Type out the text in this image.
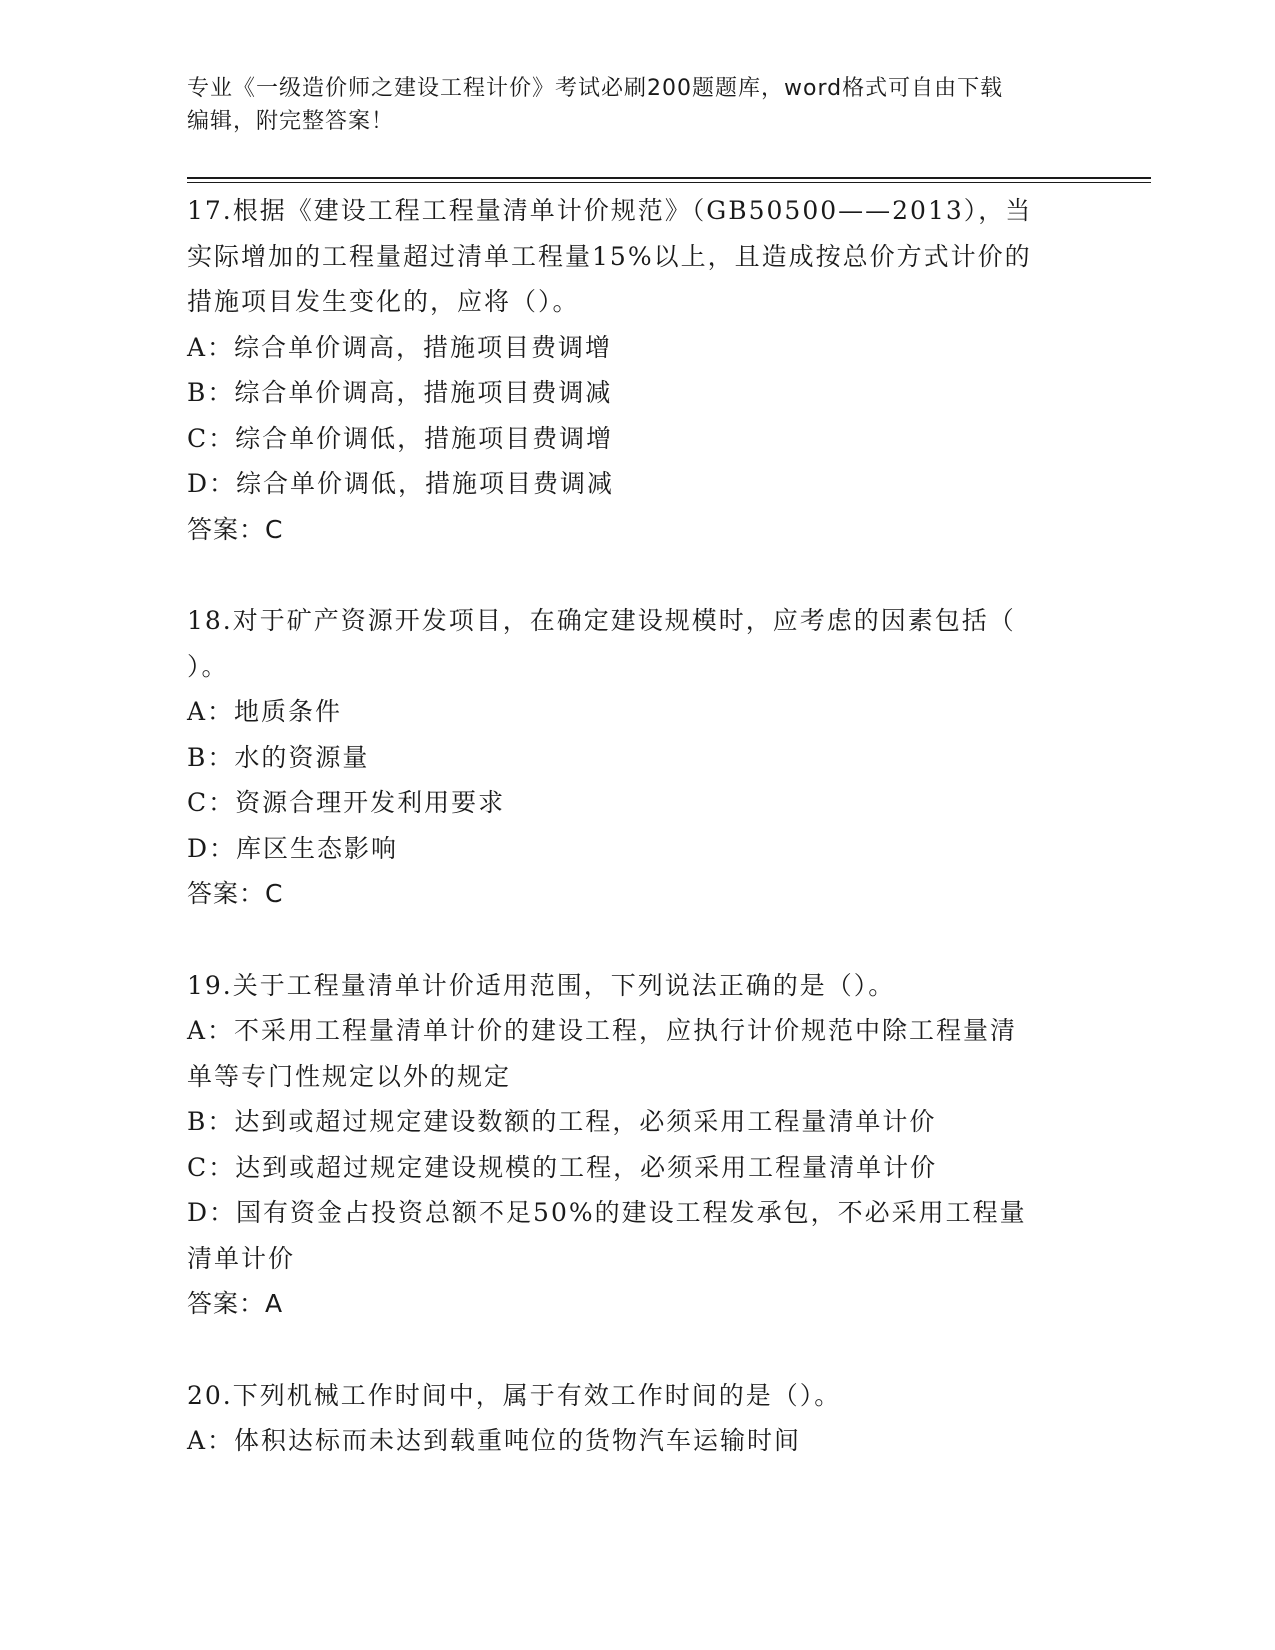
专业《一级造价师之建设工程计价》考试必刷200题题库，word格式可自由下载
编辑，附完整答案！
17.根据《建设工程工程量清单计价规范》（GB50500——2013），当
实际增加的工程量超过清单工程量15%以上，且造成按总价方式计价的
措施项目发生变化的，应将（）。
A：综合单价调高，措施项目费调增
B：综合单价调高，措施项目费调减
C：综合单价调低，措施项目费调增
D：综合单价调低，措施项目费调减
答案：C
18.对于矿产资源开发项目，在确定建设规模时，应考虑的因素包括（
）。
A：地质条件
B：水的资源量
C：资源合理开发利用要求
D：库区生态影响
答案：C
19.关于工程量清单计价适用范围，下列说法正确的是（）。
A：不采用工程量清单计价的建设工程，应执行计价规范中除工程量清
单等专门性规定以外的规定
B：达到或超过规定建设数额的工程，必须采用工程量清单计价
C：达到或超过规定建设规模的工程，必须采用工程量清单计价
D：国有资金占投资总额不足50%的建设工程发承包，不必采用工程量
清单计价
答案：A
20.下列机械工作时间中，属于有效工作时间的是（）。
A：体积达标而未达到载重吨位的货物汽车运输时间
